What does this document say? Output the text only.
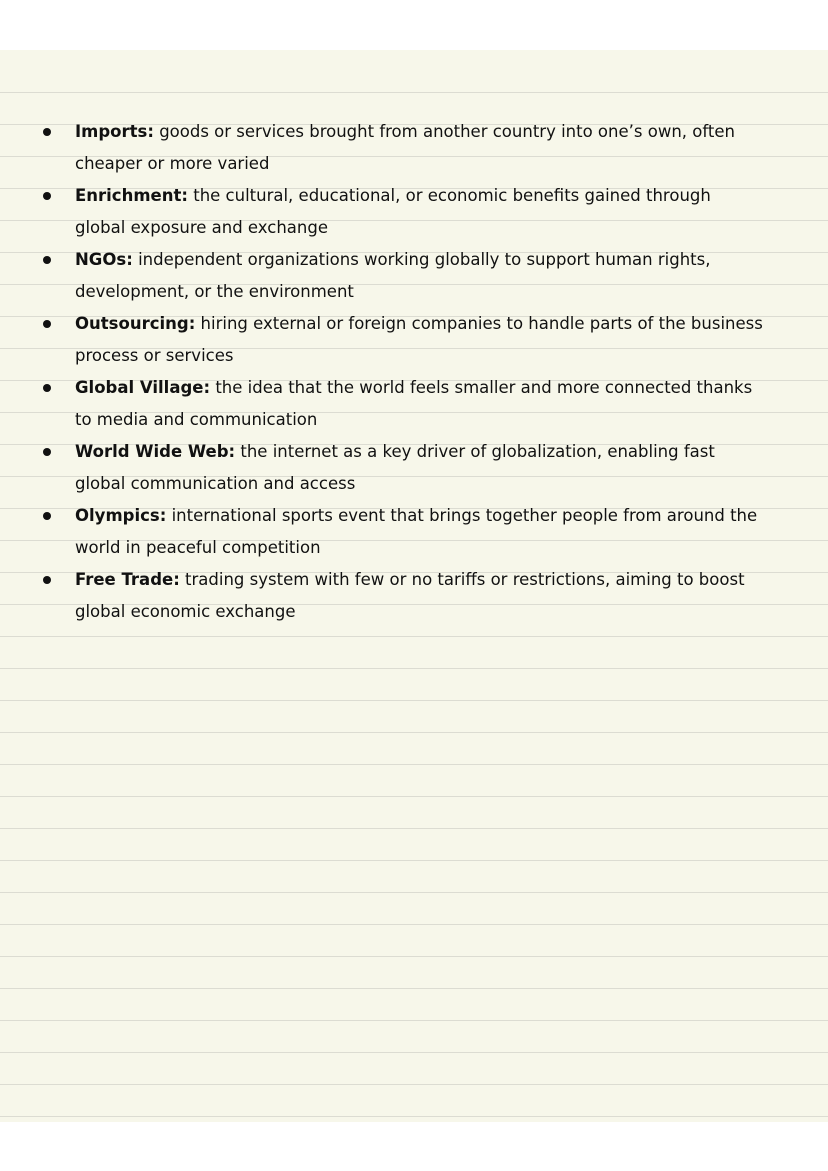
Imports: goods or services brought from another country into one’s own, often cheaper or more varied
Enrichment: the cultural, educational, or economic benefits gained through global exposure and exchange
NGOs: independent organizations working globally to support human rights, development, or the environment
Outsourcing: hiring external or foreign companies to handle parts of the business process or services
Global Village: the idea that the world feels smaller and more connected thanks to media and communication
World Wide Web: the internet as a key driver of globalization, enabling fast global communication and access
Olympics: international sports event that brings together people from around the world in peaceful competition
Free Trade: trading system with few or no tariffs or restrictions, aiming to boost global economic exchange
